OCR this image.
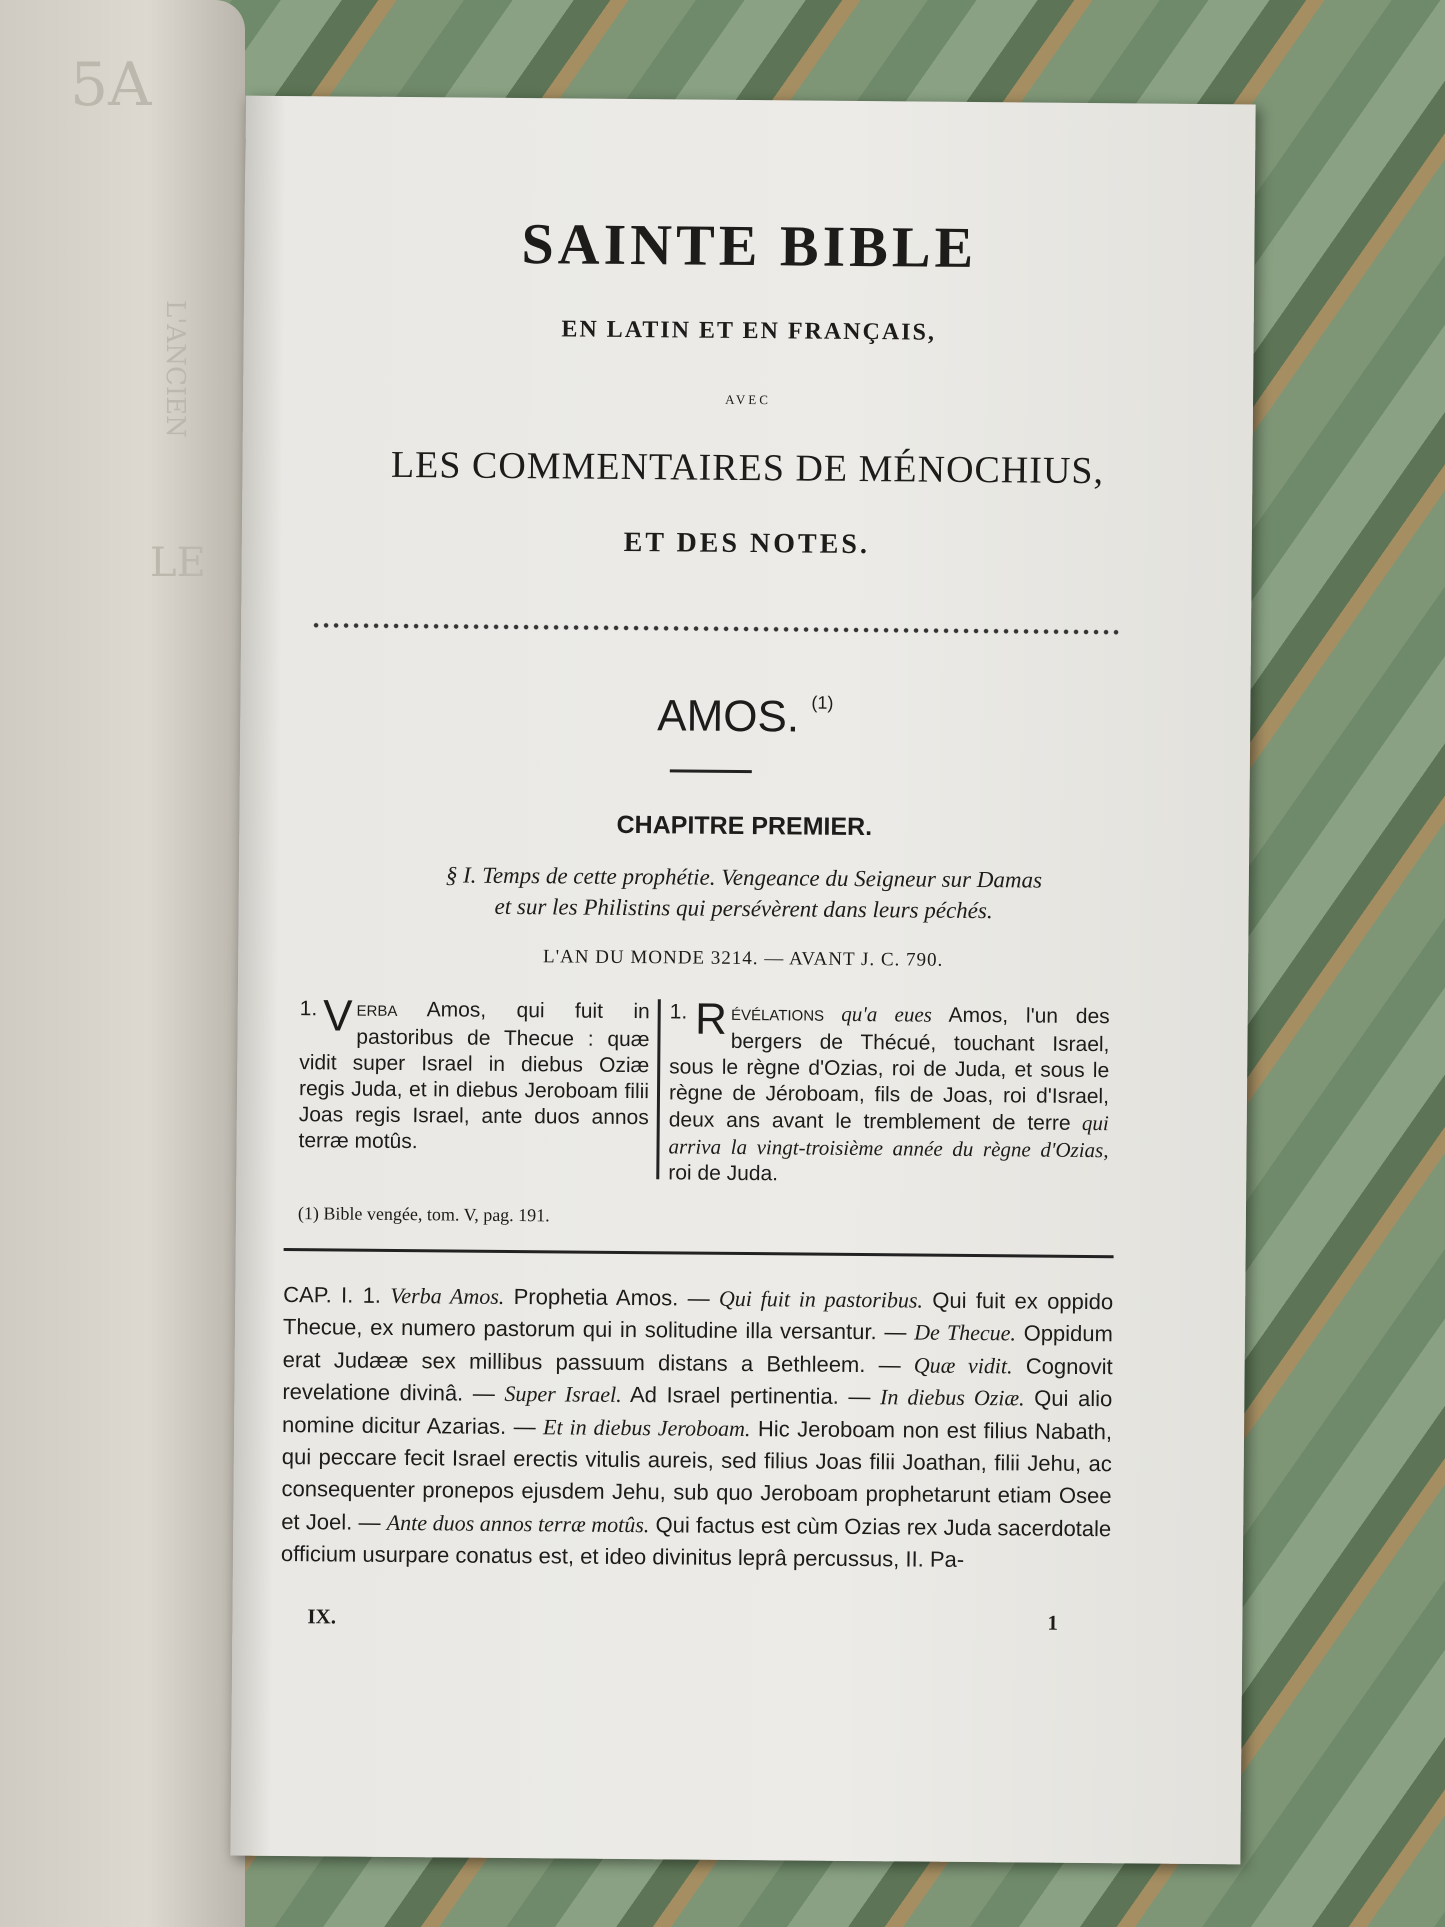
5A
L'ANCIEN
LE
SAINTE BIBLE
EN LATIN ET EN FRANÇAIS,
AVEC
LES COMMENTAIRES DE MÉNOCHIUS,
ET DES NOTES.
AMOS. $^{(1)}$
CHAPITRE PREMIER.
§ I. Temps de cette prophétie. Vengeance du Seigneur sur Damas
et sur les Philistins qui persévèrent dans leurs péchés.
L'AN DU MONDE 3214. — AVANT J. C. 790.
1. V ERBA Amos, qui fuit in pastoribus de Thecue : quæ vidit super Israel in diebus Oziæ regis Juda, et in diebus Jeroboam filii Joas regis Israel, ante duos annos terræ motûs.
1. R ÉVÉLATIONS qu'a eues Amos, l'un des bergers de Thécué, touchant Israel, sous le règne d'Ozias, roi de Juda, et sous le règne de Jéroboam, fils de Joas, roi d'Israel, deux ans avant le tremblement de terre qui arriva la vingt-troisième année du règne d'Ozias, roi de Juda.
(1) Bible vengée, tom. V, pag. 191.
CAP. I. 1. Verba Amos. Prophetia Amos. — Qui fuit in pastoribus. Qui fuit ex oppido Thecue, ex numero pastorum qui in solitudine illa versantur. — De Thecue. Oppidum erat Judææ sex millibus passuum distans a Bethleem. — Quæ vidit. Cognovit revelatione divinâ. — Super Israel. Ad Israel pertinentia. — In diebus Oziæ. Qui alio nomine dicitur Azarias. — Et in diebus Jeroboam. Hic Jeroboam non est filius Nabath, qui peccare fecit Israel erectis vitulis aureis, sed filius Joas filii Joathan, filii Jehu, ac consequenter pronepos ejusdem Jehu, sub quo Jeroboam prophetarunt etiam Osee et Joel. — Ante duos annos terræ motûs. Qui factus est cùm Ozias rex Juda sacerdotale officium usurpare conatus est, et ideo divinitus leprâ percussus, II. Pa-
IX.	1
